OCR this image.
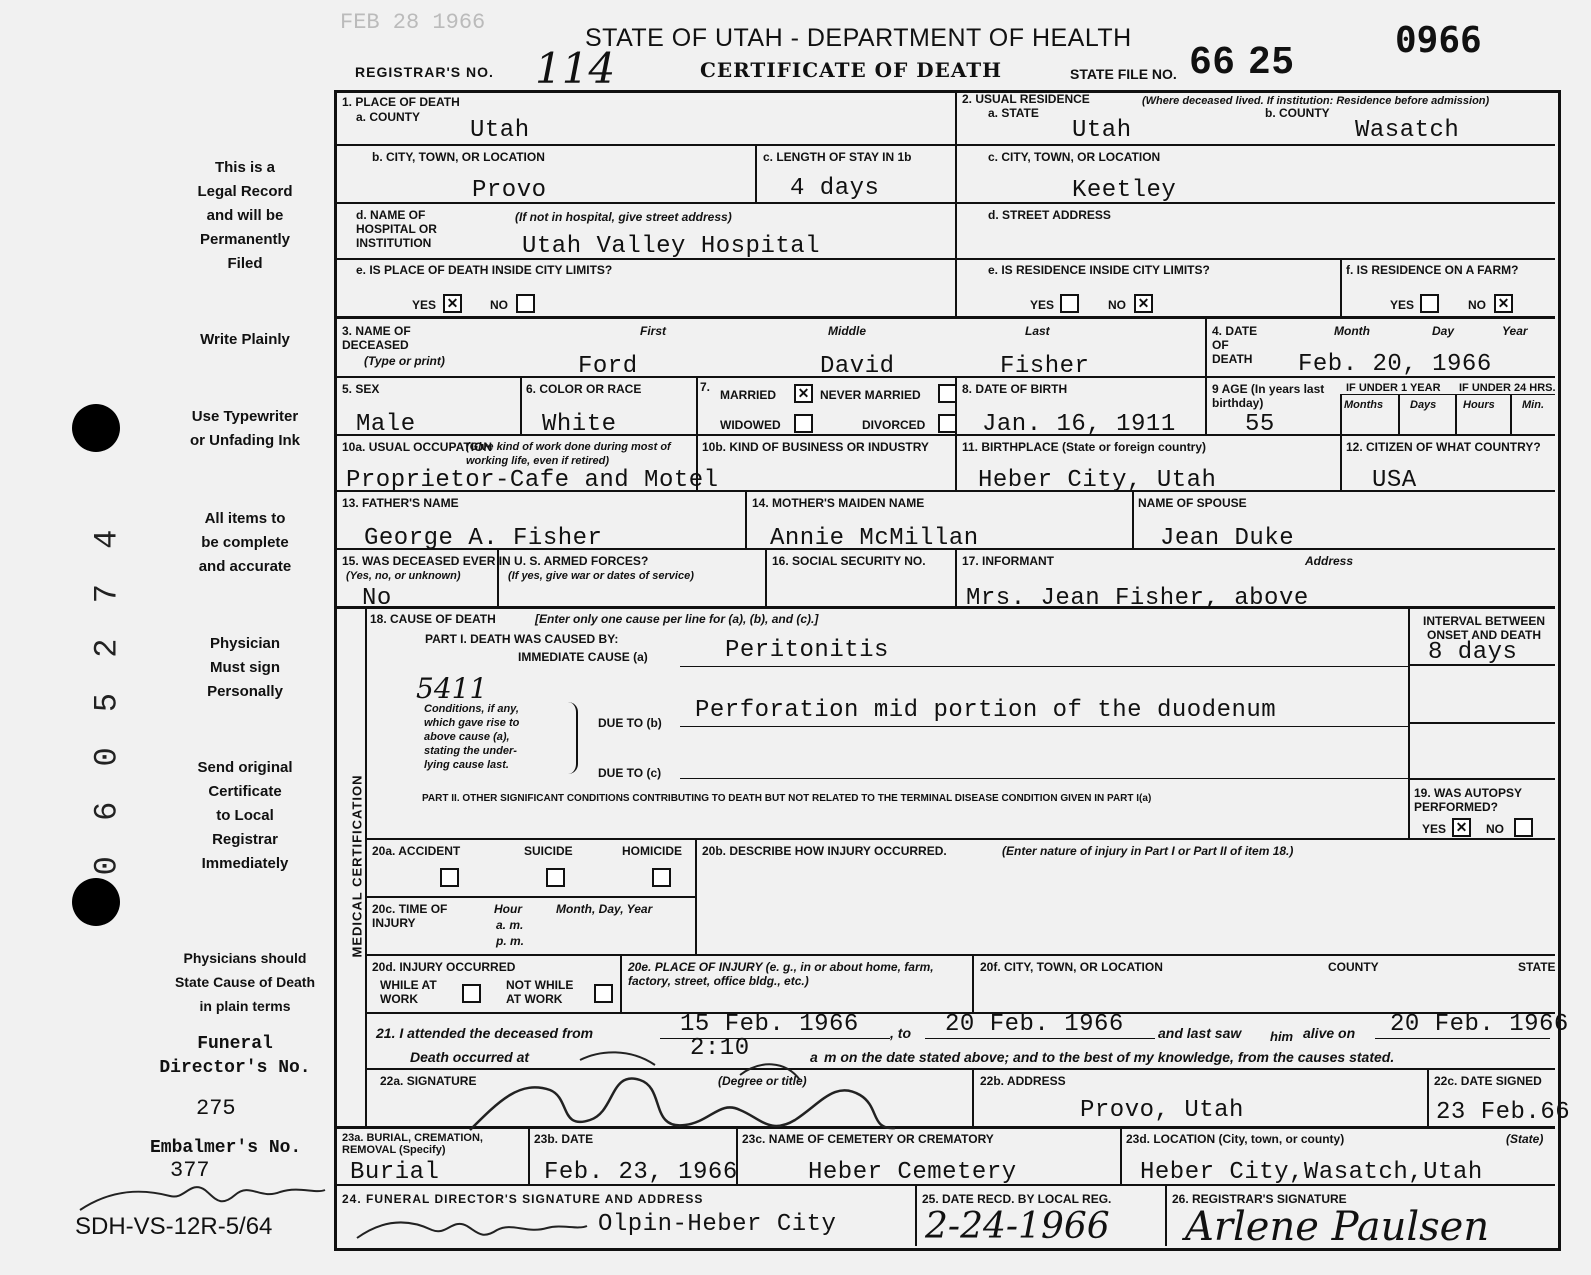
FEB 28 1966
STATE OF UTAH - DEPARTMENT OF HEALTH
REGISTRAR'S NO. 114	CERTIFICATE OF DEATH	STATE FILE NO. 66 25	0966
This is a
Legal Record
and will be
Permanently
Filed
Write Plainly
Use Typewriter
or Unfading Ink
All items to
be complete
and accurate
Physician
Must sign
Personally
Send original
Certificate
to Local
Registrar
Immediately
Physicians should
State Cause of Death
in plain terms
Funeral
Director's No.
275
Embalmer's No.
377
SDH-VS-12R-5/64
0 6 0 5 2 7 4
1. PLACE OF DEATH
a. COUNTY Utah
2. USUAL RESIDENCE	(Where deceased lived. If institution: Residence before admission)
a. STATE	b. COUNTY
Utah	Wasatch
b. CITY, TOWN, OR LOCATION
Provo
c. LENGTH OF STAY IN 1b
4 days
c. CITY, TOWN, OR LOCATION
Keetley
d. NAME OF HOSPITAL OR INSTITUTION
(If not in hospital, give street address)
Utah Valley Hospital
d. STREET ADDRESS
e. IS PLACE OF DEATH INSIDE CITY LIMITS?
YES ✕	NO
e. IS RESIDENCE INSIDE CITY LIMITS?
YES	NO ✕
f. IS RESIDENCE ON A FARM?
YES	NO ✕
3. NAME OF DECEASED
(Type or print)
First	Middle	Last
Ford	David	Fisher
4. DATE OF DEATH
Month	Day	Year
Feb. 20, 1966
5. SEX
Male
6. COLOR OR RACE
White
7.
MARRIED ✕ NEVER MARRIED
WIDOWED	DIVORCED
8. DATE OF BIRTH
Jan. 16, 1911
9 AGE (In years last birthday)
55
IF UNDER 1 YEAR IF UNDER 24 HRS.
Months Days Hours Min.
10a. USUAL OCCUPATION
(Give kind of work done during most of working life, even if retired)
Proprietor-Cafe and Motel
10b. KIND OF BUSINESS OR INDUSTRY	11. BIRTHPLACE (State or foreign country)
Heber City, Utah
12. CITIZEN OF WHAT COUNTRY?
USA
13. FATHER'S NAME
George A. Fisher
14. MOTHER'S MAIDEN NAME
Annie McMillan
NAME OF SPOUSE
Jean Duke
15. WAS DECEASED EVER IN U. S. ARMED FORCES?
(Yes, no, or unknown)	(If yes, give war or dates of service)
No
16. SOCIAL SECURITY NO.	17. INFORMANT	Address
Mrs. Jean Fisher, above
MEDICAL CERTIFICATION
18. CAUSE OF DEATH	[Enter only one cause per line for (a), (b), and (c).]
PART I. DEATH WAS CAUSED BY:
IMMEDIATE CAUSE (a)	Peritonitis
INTERVAL BETWEEN ONSET AND DEATH
8 days
5411
Conditions, if any,
which gave rise to
above cause (a),
stating the under-
lying cause last.
DUE TO (b) Perforation mid portion of the duodenum
DUE TO (c)
PART II. OTHER SIGNIFICANT CONDITIONS CONTRIBUTING TO DEATH BUT NOT RELATED TO THE TERMINAL DISEASE CONDITION GIVEN IN PART I(a)	19. WAS AUTOPSY PERFORMED?
YES ✕	NO
20a. ACCIDENT	SUICIDE	HOMICIDE 20b. DESCRIBE HOW INJURY OCCURRED.	(Enter nature of injury in Part I or Part II of item 18.)
20c. TIME OF INJURY
Hour
a. m.
p. m.
Month, Day, Year
20d. INJURY OCCURRED
WHILE AT WORK
NOT WHILE AT WORK
20e. PLACE OF INJURY (e. g., in or about home, farm, factory, street, office bldg., etc.)
20f. CITY, TOWN, OR LOCATION	COUNTY	STATE
21. I attended the deceased from	15 Feb. 1966 , to 20 Feb. 1966 and last saw him alive on 20 Feb. 1966
Death occurred at	2:10	a m on the date stated above; and to the best of my knowledge, from the causes stated.
22a. SIGNATURE	(Degree or title)	22b. ADDRESS
Provo, Utah
22c. DATE SIGNED
23 Feb.66
23a. BURIAL, CREMATION, REMOVAL (Specify)
Burial
23b. DATE
Feb. 23, 1966
23c. NAME OF CEMETERY OR CREMATORY
Heber Cemetery
23d. LOCATION (City, town, or county)	(State)
Heber City,Wasatch,Utah
24. FUNERAL DIRECTOR'S SIGNATURE AND ADDRESS
Olpin-Heber City
25. DATE RECD. BY LOCAL REG.
2-24-1966
26. REGISTRAR'S SIGNATURE
Arlene Paulsen
